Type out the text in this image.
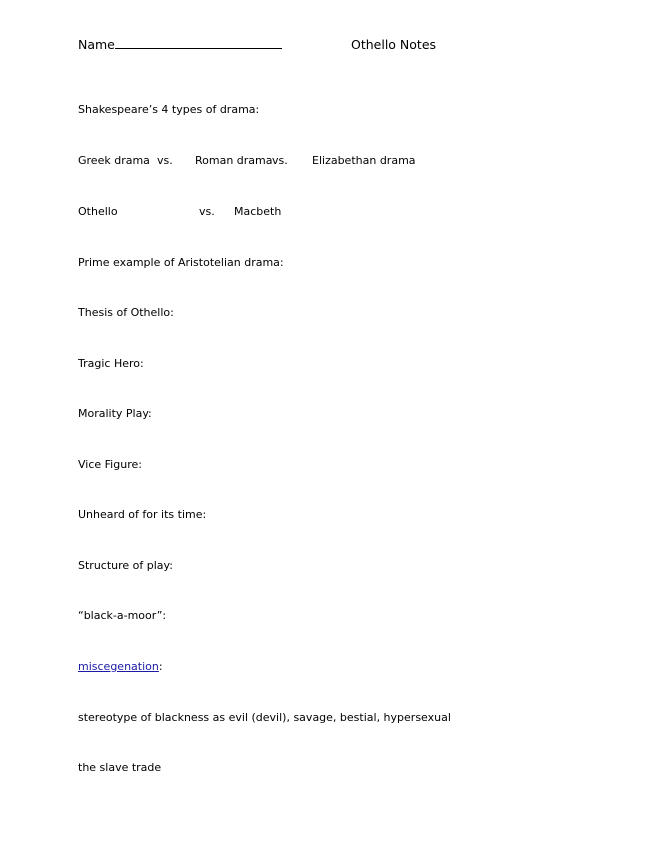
Name	Othello Notes
Shakespeare’s 4 types of drama:
Greek drama vs. Roman drama vs. Elizabethan drama
Othello	vs. Macbeth
Prime example of Aristotelian drama:
Thesis of Othello:
Tragic Hero:
Morality Play:
Vice Figure:
Unheard of for its time:
Structure of play:
“black-a-moor”:
miscegenation:
stereotype of blackness as evil (devil), savage, bestial, hypersexual
the slave trade
